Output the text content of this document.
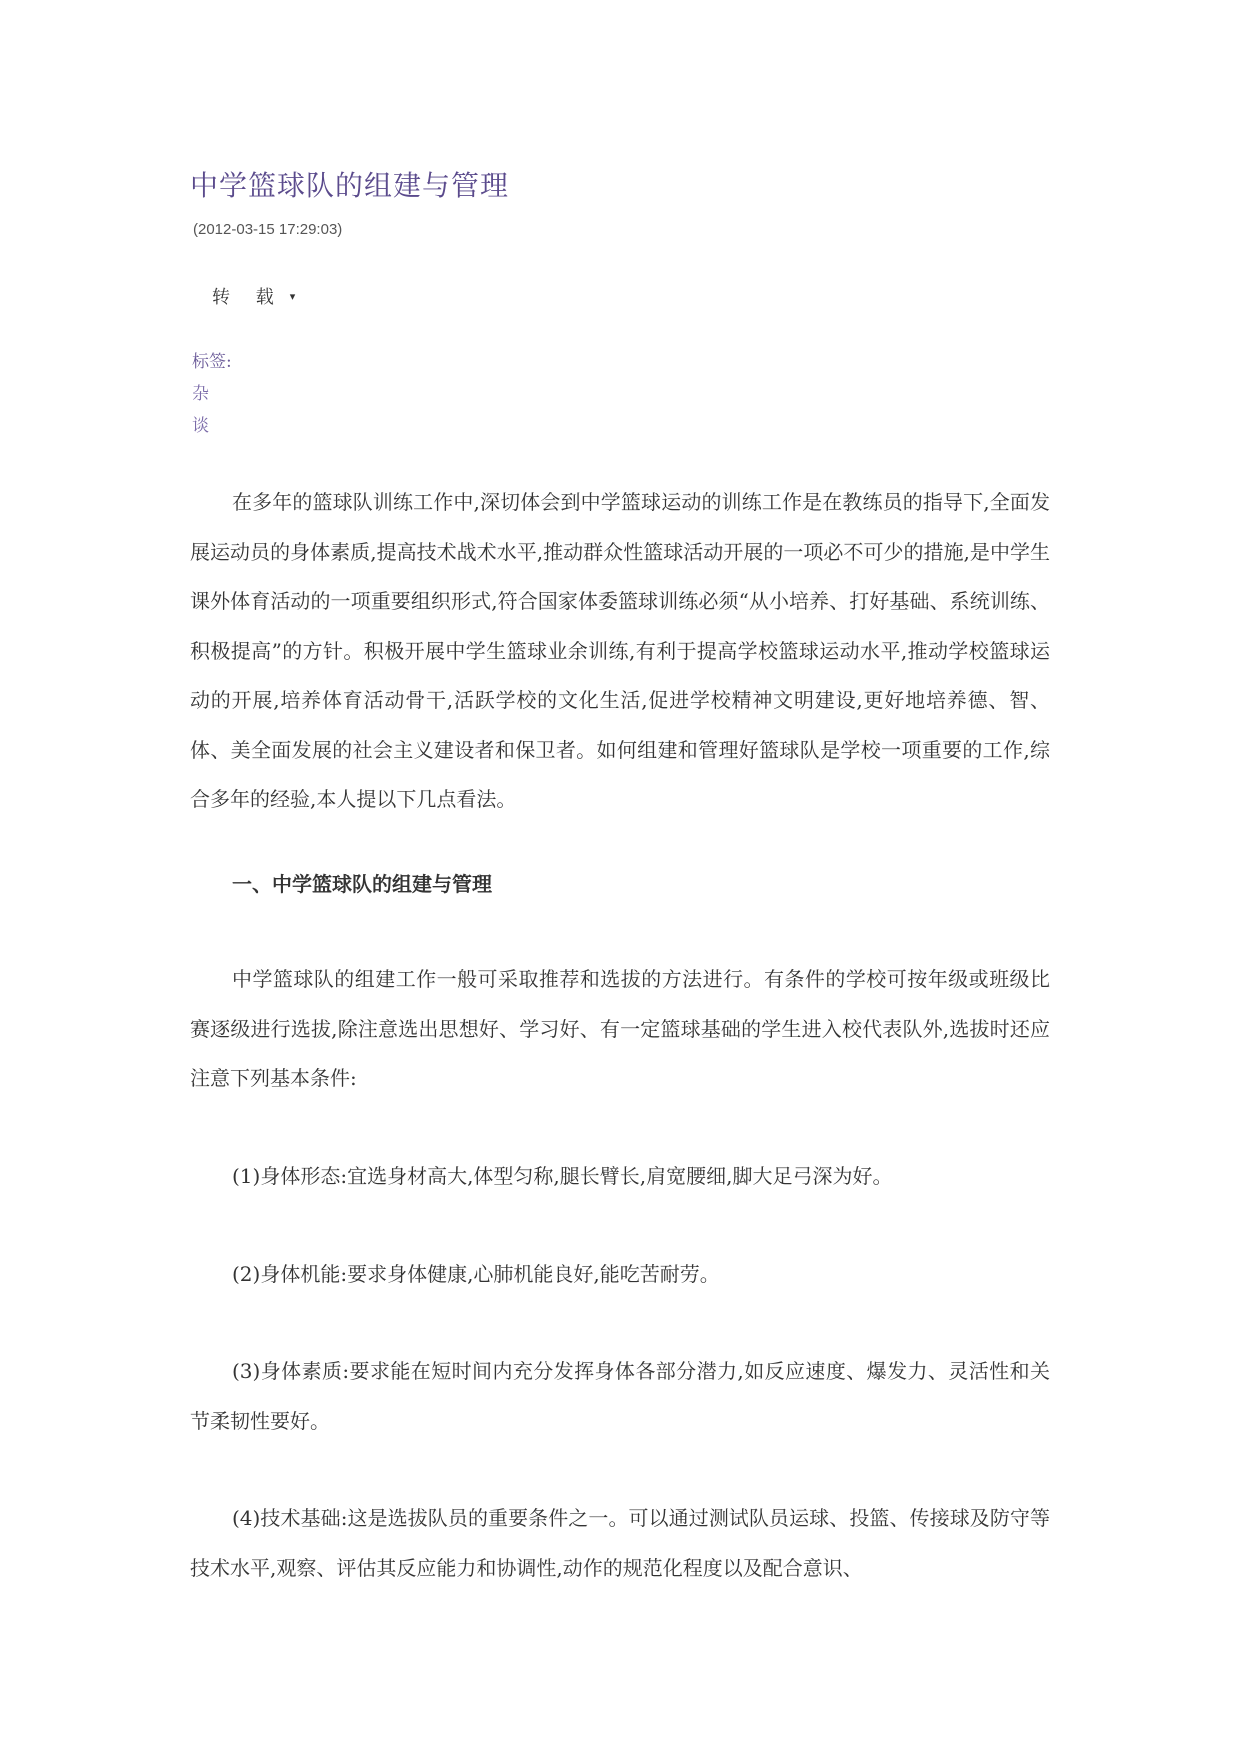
中学篮球队的组建与管理
(2012-03-15 17:29:03)
转 载 ▾
标签:
杂
谈

在多年的篮球队训练工作中,深切体会到中学篮球运动的训练工作是在教练员的指导下,全面发展运动员的身体素质,提高技术战术水平,推动群众性篮球活动开展的一项必不可少的措施,是中学生课外体育活动的一项重要组织形式,符合国家体委篮球训练必须“从小培养、打好基础、系统训练、积极提高”的方针。积极开展中学生篮球业余训练,有利于提高学校篮球运动水平,推动学校篮球运动的开展,培养体育活动骨干,活跃学校的文化生活,促进学校精神文明建设,更好地培养德、智、体、美全面发展的社会主义建设者和保卫者。如何组建和管理好篮球队是学校一项重要的工作,综合多年的经验,本人提以下几点看法。

一、中学篮球队的组建与管理

中学篮球队的组建工作一般可采取推荐和选拔的方法进行。有条件的学校可按年级或班级比赛逐级进行选拔,除注意选出思想好、学习好、有一定篮球基础的学生进入校代表队外,选拔时还应注意下列基本条件:

(1)身体形态:宜选身材高大,体型匀称,腿长臂长,肩宽腰细,脚大足弓深为好。

(2)身体机能:要求身体健康,心肺机能良好,能吃苦耐劳。

(3)身体素质:要求能在短时间内充分发挥身体各部分潜力,如反应速度、爆发力、灵活性和关节柔韧性要好。

(4)技术基础:这是选拔队员的重要条件之一。可以通过测试队员运球、投篮、传接球及防守等技术水平,观察、评估其反应能力和协调性,动作的规范化程度以及配合意识、
